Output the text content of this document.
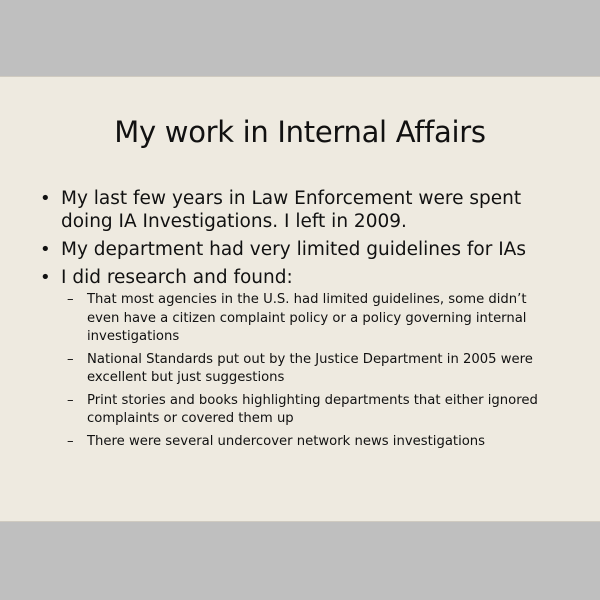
My work in Internal Affairs
• My last few years in Law Enforcement were spent doing IA Investigations. I left in 2009.
• My department had very limited guidelines for IAs
• I did research and found:
– That most agencies in the U.S. had limited guidelines, some didn’t even have a citizen complaint policy or a policy governing internal investigations
– National Standards put out by the Justice Department in 2005 were excellent but just suggestions
– Print stories and books highlighting departments that either ignored complaints or covered them up
– There were several undercover network news investigations
